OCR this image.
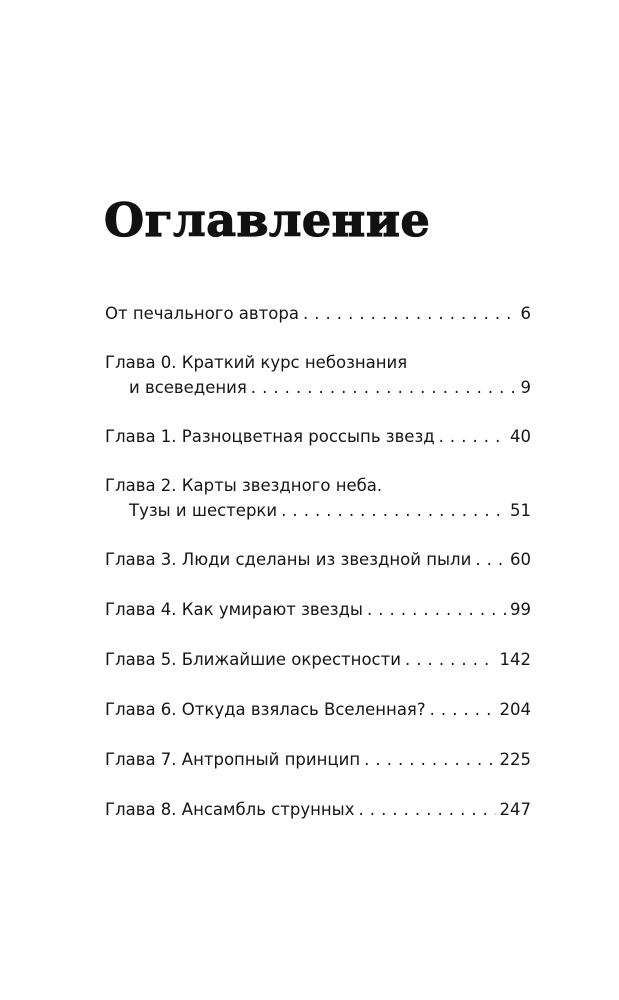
Оглавление
От печального автора . . .	6
Глава 0. Краткий курс небознания
и всеведения . . .	9
Глава 1. Разноцветная россыпь звезд . . .	40
Глава 2. Карты звездного неба.
Тузы и шестерки . . .	51
Глава 3. Люди сделаны из звездной пыли . . . 60
Глава 4. Как умирают звезды . . .	99
Глава 5. Ближайшие окрестности . . .	142
Глава 6. Откуда взялась Вселенная? . . .	204
Глава 7. Антропный принцип . . .	225
Глава 8. Ансамбль струнных . . .	247
